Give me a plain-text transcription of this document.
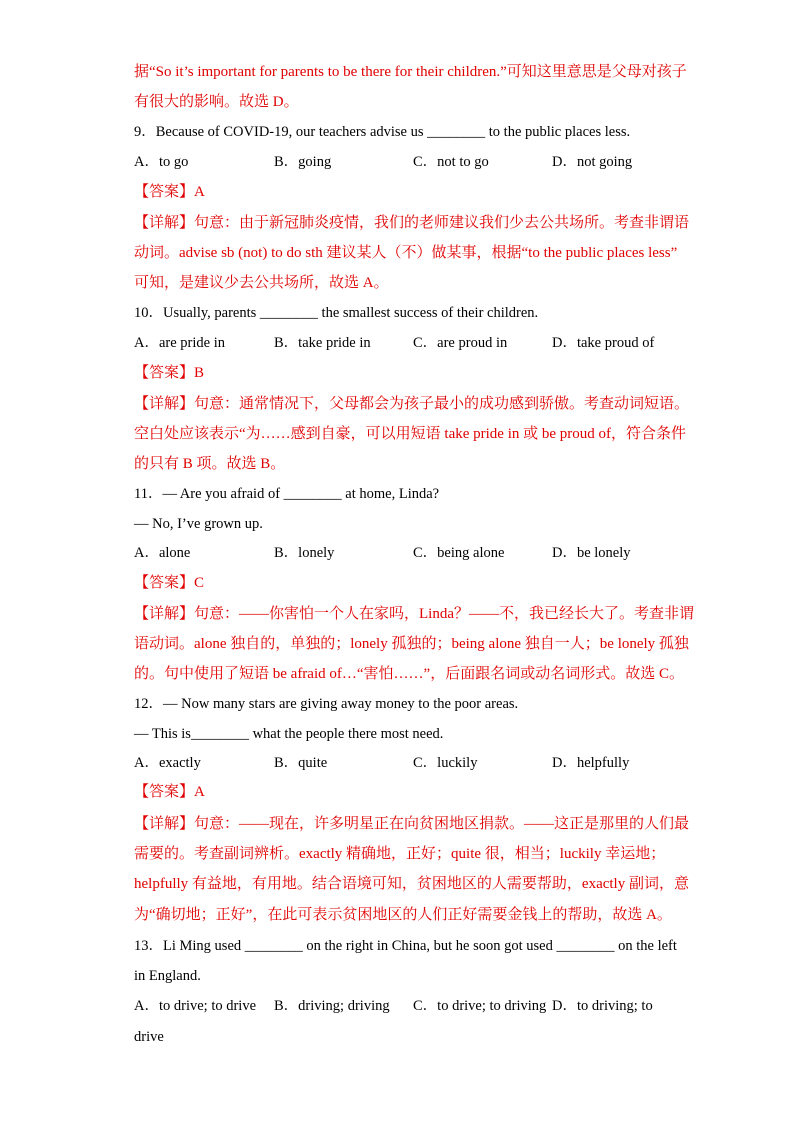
据“So it’s important for parents to be there for their children.”可知这里意思是父母对孩子
有很大的影响。故选 D。
9．Because of COVID-19, our teachers advise us ________ to the public places less.
A．to go	B．going	C．not to go	D．not going
【答案】A
【详解】句意：由于新冠肺炎疫情，我们的老师建议我们少去公共场所。考查非谓语
动词。advise sb (not) to do sth 建议某人（不）做某事，根据“to the public places less”
可知，是建议少去公共场所，故选 A。
10．Usually, parents ________ the smallest success of their children.
A．are pride in	B．take pride in	C．are proud in	D．take proud of
【答案】B
【详解】句意：通常情况下，父母都会为孩子最小的成功感到骄傲。考查动词短语。
空白处应该表示“为……感到自豪，可以用短语 take pride in 或 be proud of，符合条件
的只有 B 项。故选 B。
11．— Are you afraid of ________ at home, Linda?
— No, I’ve grown up.
A．alone	B．lonely	C．being alone	D．be lonely
【答案】C
【详解】句意：——你害怕一个人在家吗，Linda？——不，我已经长大了。考查非谓
语动词。alone 独自的，单独的；lonely 孤独的；being alone 独自一人；be lonely 孤独
的。句中使用了短语 be afraid of…“害怕……”，后面跟名词或动名词形式。故选 C。
12．— Now many stars are giving away money to the poor areas.
— This is________ what the people there most need.
A．exactly	B．quite	C．luckily	D．helpfully
【答案】A
【详解】句意：——现在，许多明星正在向贫困地区捐款。——这正是那里的人们最
需要的。考查副词辨析。exactly 精确地，正好；quite 很，相当；luckily 幸运地；
helpfully 有益地，有用地。结合语境可知，贫困地区的人需要帮助，exactly 副词，意
为“确切地；正好”，在此可表示贫困地区的人们正好需要金钱上的帮助，故选 A。
13．Li Ming used ________ on the right in China, but he soon got used ________ on the left
in England.
A．to drive; to drive B．driving; driving C．to drive; to driving D．to driving; to
drive
